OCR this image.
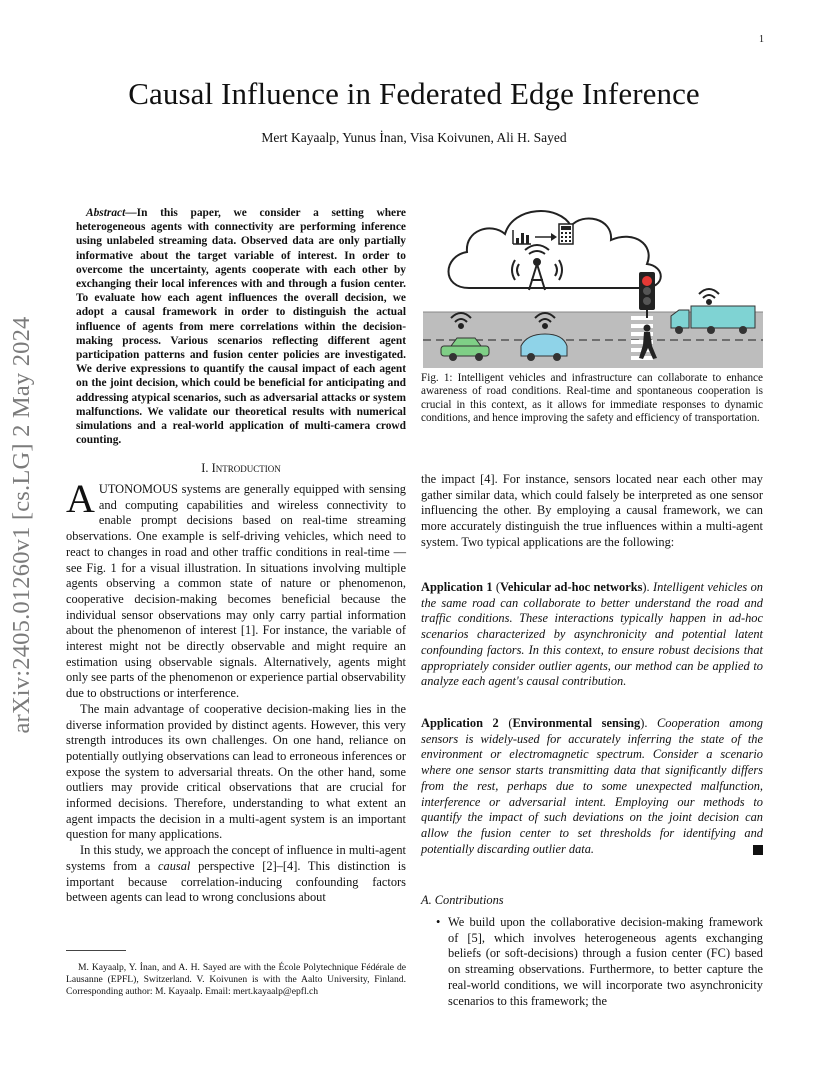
1
Causal Influence in Federated Edge Inference
Mert Kayaalp, Yunus İnan, Visa Koivunen, Ali H. Sayed
arXiv:2405.01260v1 [cs.LG] 2 May 2024
Abstract—In this paper, we consider a setting where heterogeneous agents with connectivity are performing inference using unlabeled streaming data. Observed data are only partially informative about the target variable of interest. In order to overcome the uncertainty, agents cooperate with each other by exchanging their local inferences with and through a fusion center. To evaluate how each agent influences the overall decision, we adopt a causal framework in order to distinguish the actual influence of agents from mere correlations within the decision-making process. Various scenarios reflecting different agent participation patterns and fusion center policies are investigated. We derive expressions to quantify the causal impact of each agent on the joint decision, which could be beneficial for anticipating and addressing atypical scenarios, such as adversarial attacks or system malfunctions. We validate our theoretical results with numerical simulations and a real-world application of multi-camera crowd counting.
I. Introduction

AUTONOMOUS systems are generally equipped with sensing and computing capabilities and wireless connectivity to enable prompt decisions based on real-time streaming observations. One example is self-driving vehicles, which need to react to changes in road and other traffic conditions in real-time — see Fig. 1 for a visual illustration. In situations involving multiple agents observing a common state of nature or phenomenon, cooperative decision-making becomes beneficial because the individual sensor observations may only carry partial information about the phenomenon of interest [1]. For instance, the variable of interest might not be directly observable and might require an estimation using observable signals. Alternatively, agents might only see parts of the phenomenon or experience partial observability due to obstructions or interference.

The main advantage of cooperative decision-making lies in the diverse information provided by distinct agents. However, this very strength introduces its own challenges. On one hand, reliance on potentially outlying observations can lead to erroneous inferences or expose the system to adversarial threats. On the other hand, some outliers may provide critical observations that are crucial for informed decisions. Therefore, understanding to what extent an agent impacts the decision in a multi-agent system is an important question for many applications.

In this study, we approach the concept of influence in multi-agent systems from a causal perspective [2]–[4]. This distinction is important because correlation-inducing confounding factors between agents can lead to wrong conclusions about

M. Kayaalp, Y. İnan, and A. H. Sayed are with the École Polytechnique Fédérale de Lausanne (EPFL), Switzerland. V. Koivunen is with the Aalto University, Finland. Corresponding author: M. Kayaalp. Email: mert.kayaalp@epfl.ch
Fig. 1: Intelligent vehicles and infrastructure can collaborate to enhance awareness of road conditions. Real-time and spontaneous cooperation is crucial in this context, as it allows for immediate responses to dynamic conditions, and hence improving the safety and efficiency of transportation.

the impact [4]. For instance, sensors located near each other may gather similar data, which could falsely be interpreted as one sensor influencing the other. By employing a causal framework, we can more accurately distinguish the true influences within a multi-agent system. Two typical applications are the following:

Application 1 (Vehicular ad-hoc networks). Intelligent vehicles on the same road can collaborate to better understand the road and traffic conditions. These interactions typically happen in ad-hoc scenarios characterized by asynchronicity and potential latent confounding factors. In this context, to ensure robust decisions that appropriately consider outlier agents, our method can be applied to analyze each agent's causal contribution.
Application 2 (Environmental sensing). Cooperation among sensors is widely-used for accurately inferring the state of the environment or electromagnetic spectrum. Consider a scenario where one sensor starts transmitting data that significantly differs from the rest, perhaps due to some unexpected malfunction, interference or adversarial intent. Employing our methods to quantify the impact of such deviations on the joint decision can allow the fusion center to set thresholds for identifying and potentially discarding outlier data.
A. Contributions
• We build upon the collaborative decision-making framework of [5], which involves heterogeneous agents exchanging beliefs (or soft-decisions) through a fusion center (FC) based on streaming observations. Furthermore, to better capture the real-world conditions, we will incorporate two asynchronicity scenarios to this framework; the
